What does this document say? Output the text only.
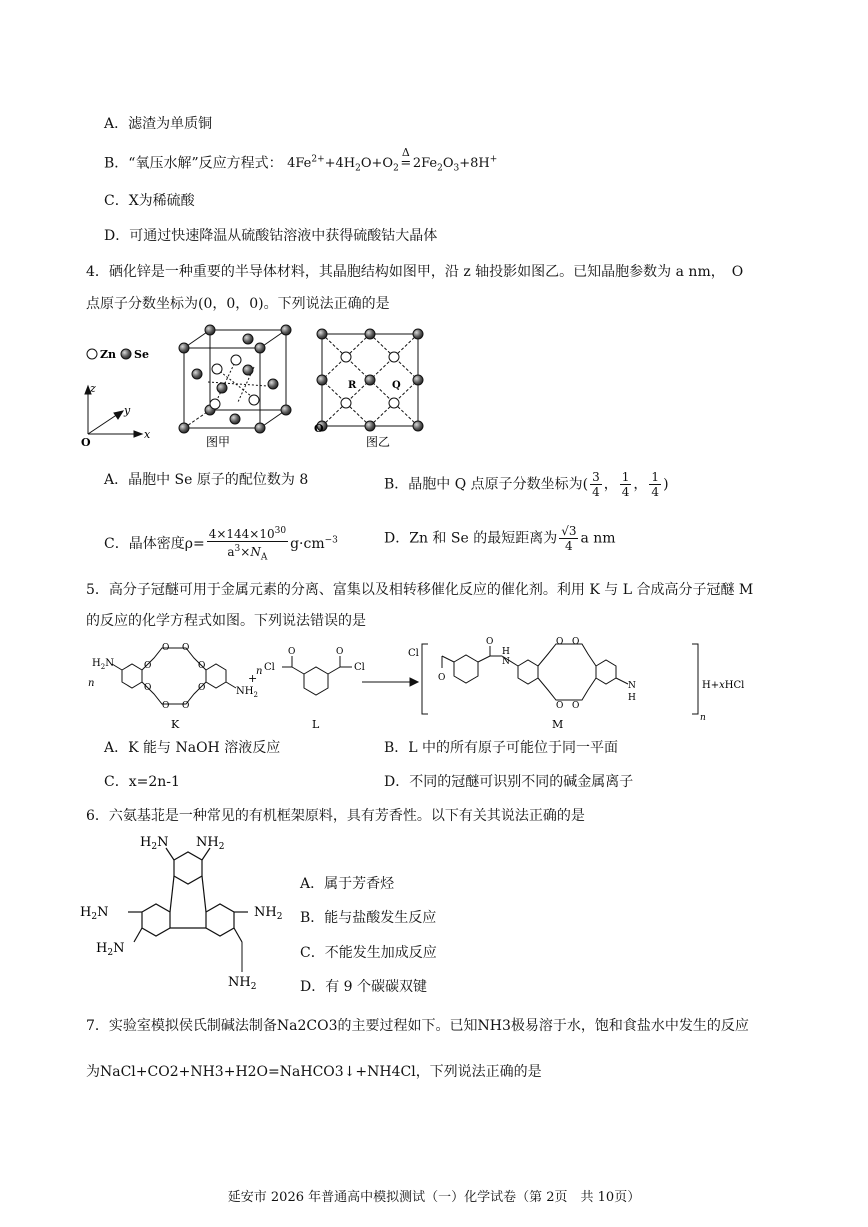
A．滤渣为单质铜
B．“氧压水解”反应方程式： $4Fe^{2+}+4H_2O+O_2$
Δ
= $2Fe_2O_3+8H^+$
C．X为稀硫酸
D．可通过快速降温从硫酸钴溶液中获得硫酸钴大晶体
4．硒化锌是一种重要的半导体材料，其晶胞结构如图甲，沿 z 轴投影如图乙。已知晶胞参数为 a nm，　O
点原子分数坐标为(0，0，0)。下列说法正确的是
Zn Se
z
x
y
O	图甲
R	Q
O
图乙
A．晶胞中 Se 原子的配位数为 8	B．晶胞中 Q 点原子分数坐标为( $\frac{3}{4}$ ， $\frac{1}{4}$ ， $\frac{1}{4}$ )
C．晶体密度$\rho= \frac{4\times 144\times 10^{30}}{a^3\times N_A} g\cdot cm^{-3}$	D．Zn 和 Se 的最短距离为 $\frac{√3}{4}$ a nm
5．高分子冠醚可用于金属元素的分离、富集以及相转移催化反应的催化剂。利用 K 与 L 合成高分子冠醚 M
的反应的化学方程式如图。下列说法错误的是
n
$H_2N$
$NH_2$
O O
O O
O	O
O	O
+
n Cl
O	O
Cl
Cl
O
O
H
N
O O
O O
N
H
H+xHCl
n
K	L	M
A．K 能与 NaOH 溶液反应	B．L 中的所有原子可能位于同一平面
C．x=2n-1	D．不同的冠醚可识别不同的碱金属离子
6．六氨基苝是一种常见的有机框架原料，具有芳香性。以下有关其说法正确的是
$H_2N$ $NH_2$
$H_2N$
$H_2N$
$NH_2$
$NH_2$
A．属于芳香烃
B．能与盐酸发生反应
C．不能发生加成反应
D．有 9 个碳碳双键
7．实验室模拟侯氏制碱法制备Na2CO3的主要过程如下。已知NH3极易溶于水，饱和食盐水中发生的反应
为NaCl+CO2+NH3+H2O=NaHCO3↓+NH4Cl，下列说法正确的是
延安市 2026 年普通高中模拟测试（一）化学试卷（第 2页　共 10页）
